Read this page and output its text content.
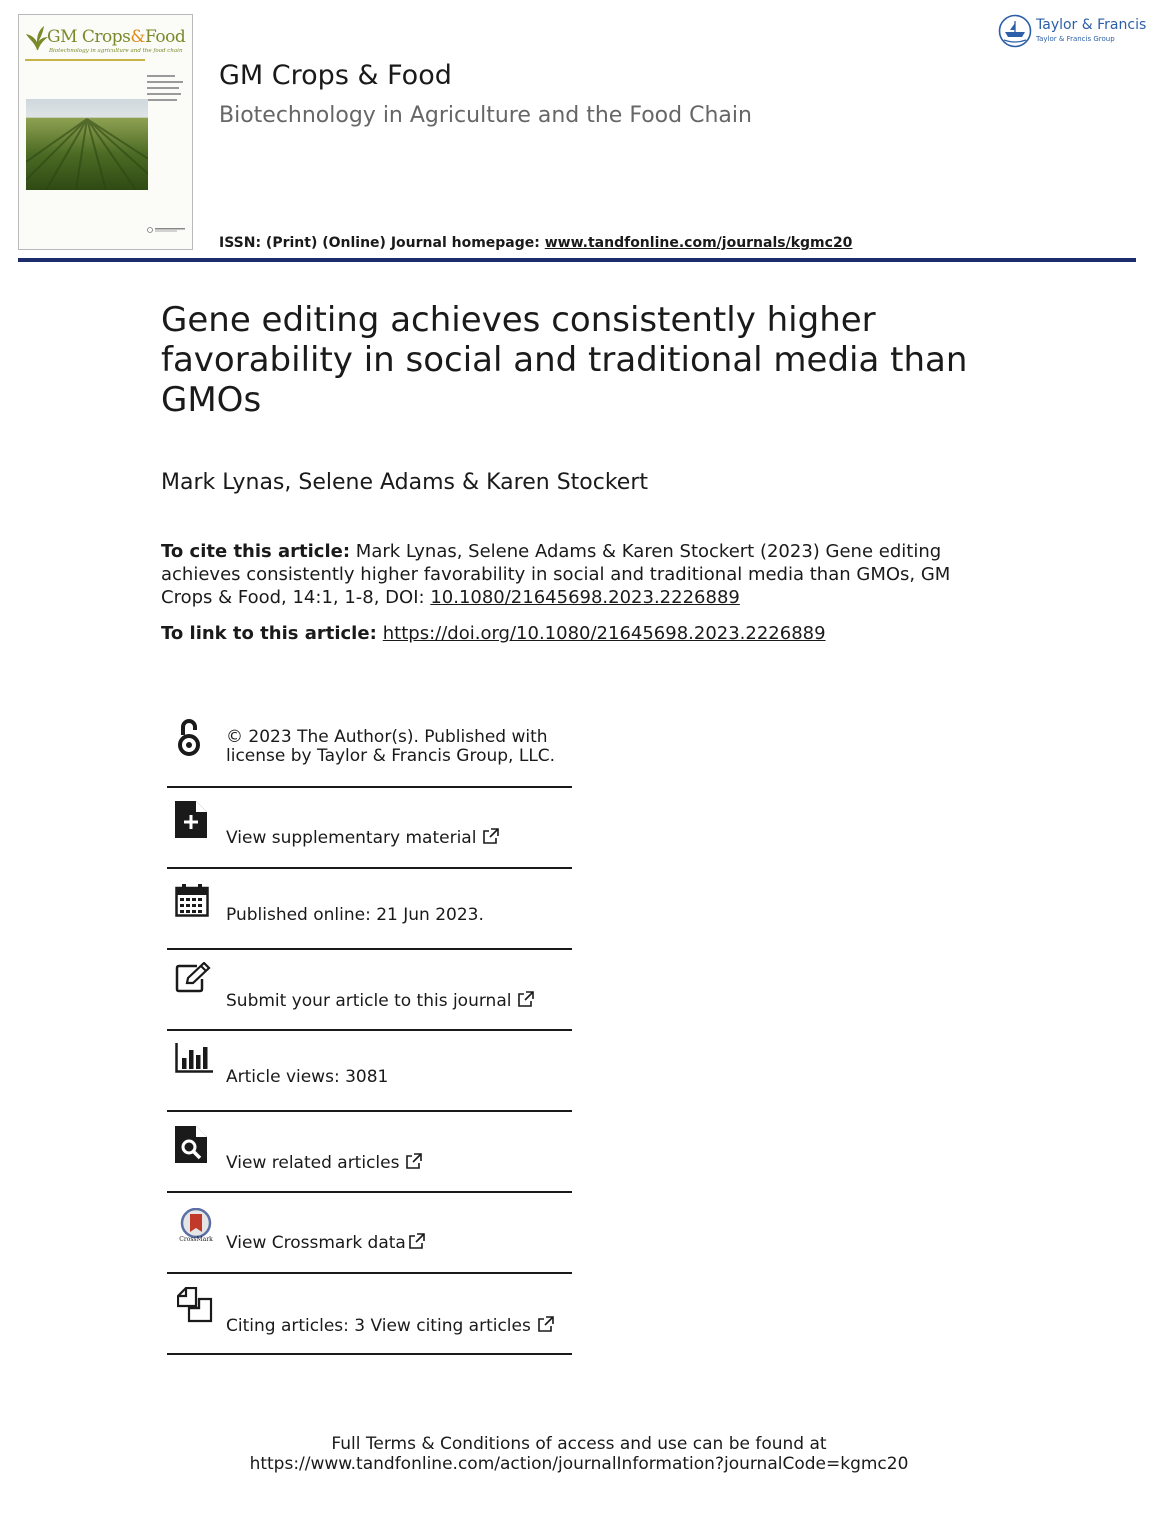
GM Crops&Food
Biotechnology in agriculture and the food chain
GM Crops & Food
Biotechnology in Agriculture and the Food Chain
ISSN: (Print) (Online) Journal homepage: www.tandfonline.com/journals/kgmc20
Taylor & Francis
Taylor & Francis Group
Gene editing achieves consistently higher favorability in social and traditional media than GMOs
Mark Lynas, Selene Adams & Karen Stockert
To cite this article: Mark Lynas, Selene Adams & Karen Stockert (2023) Gene editing achieves consistently higher favorability in social and traditional media than GMOs, GM Crops & Food, 14:1, 1-8, DOI: 10.1080/21645698.2023.2226889
To link to this article: https://doi.org/10.1080/21645698.2023.2226889
© 2023 The Author(s). Published with
license by Taylor & Francis Group, LLC.
View supplementary material
Published online: 21 Jun 2023.
Submit your article to this journal
Article views: 3081
View related articles
CrossMark View Crossmark data
Citing articles: 3 View citing articles
Full Terms & Conditions of access and use can be found at
https://www.tandfonline.com/action/journalInformation?journalCode=kgmc20
